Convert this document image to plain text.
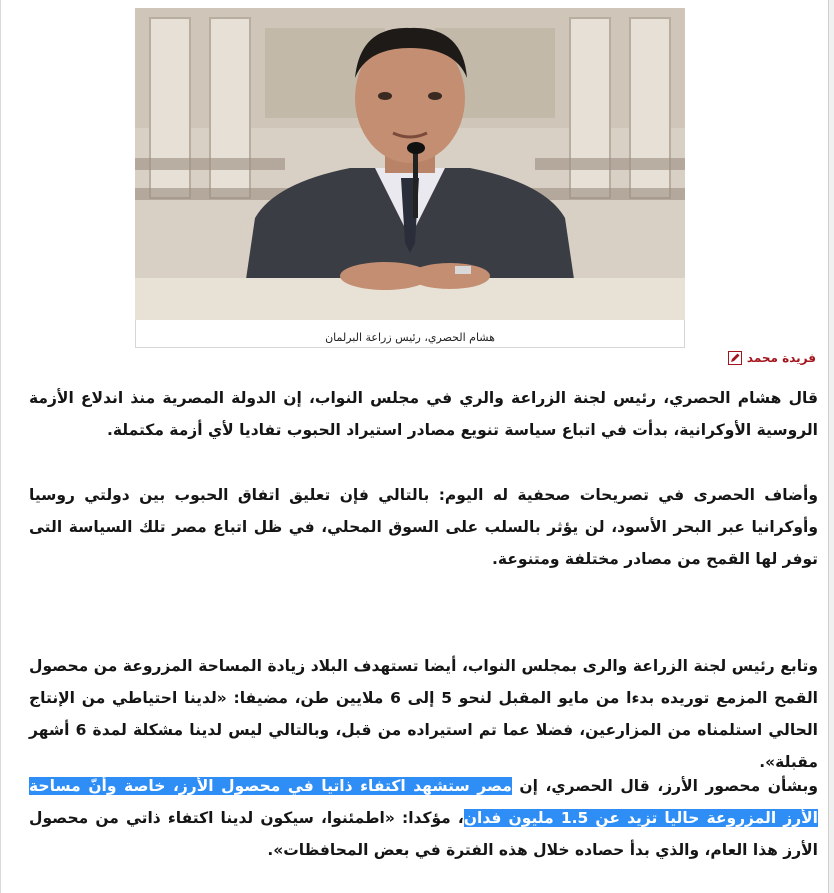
هشام الحصري، رئيس زراعة البرلمان
فريدة محمد

قال هشام الحصري، رئيس لجنة الزراعة والري في مجلس النواب، إن الدولة المصرية منذ اندلاع الأزمة الروسية الأوكرانية، بدأت في اتباع سياسة تنويع مصادر استيراد الحبوب تفاديا لأي أزمة مكتملة.

وأضاف الحصرى في تصريحات صحفية له اليوم: بالتالي فإن تعليق اتفاق الحبوب بين دولتي روسيا وأوكرانيا عبر البحر الأسود، لن يؤثر بالسلب على السوق المحلي، في ظل اتباع مصر تلك السياسة التى توفر لها القمح من مصادر مختلفة ومتنوعة.

وتابع رئيس لجنة الزراعة والرى بمجلس النواب، أيضا تستهدف البلاد زيادة المساحة المزروعة من محصول القمح المزمع توريده بدءا من مايو المقبل لنحو 5 إلى 6 ملايين طن، مضيفا: «لدينا احتياطي من الإنتاج الحالي استلمناه من المزارعين، فضلا عما تم استيراده من قبل، وبالتالي ليس لدينا مشكلة لمدة 6 أشهر مقبلة».

وبشأن محصور الأرز، قال الحصري، إن مصر ستشهد اكتفاء ذاتيا في محصول الأرز، خاصة وأنّ مساحة الأرز المزروعة حاليا تزيد عن 1.5 مليون فدان، مؤكدا: «اطمئنوا، سيكون لدينا اكتفاء ذاتي من محصول الأرز هذا العام، والذي بدأ حصاده خلال هذه الفترة في بعض المحافظات».
